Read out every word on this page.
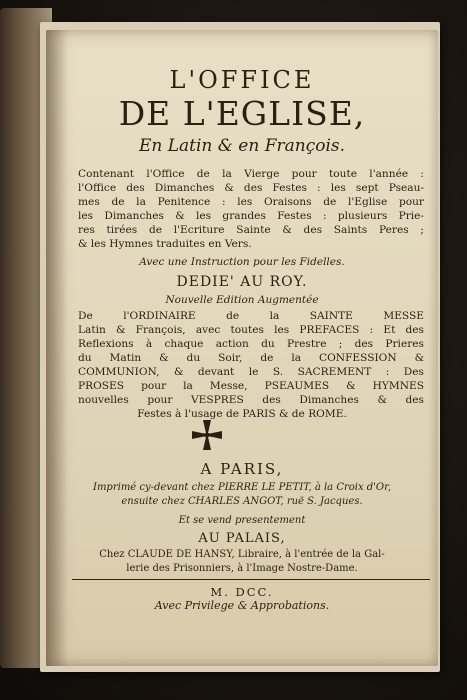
L'OFFICE
DE L'EGLISE,
En Latin & en François.
Contenant l'Office de la Vierge pour toute l'année :
l'Office des Dimanches & des Festes : les sept Pseau-
mes de la Penitence : les Oraisons de l'Eglise pour
les Dimanches & les grandes Festes : plusieurs Prie-
res tirées de l'Ecriture Sainte & des Saints Peres ;
& les Hymnes traduites en Vers.
Avec une Instruction pour les Fidelles.
DEDIE' AU ROY.
Nouvelle Edition Augmentée
De l'ORDINAIRE de la SAINTE MESSE
Latin & François, avec toutes les PREFACES : Et des
Reflexions à chaque action du Prestre ; des Prieres
du Matin & du Soir, de la CONFESSION &
COMMUNION, & devant le S. SACREMENT : Des
PROSES pour la Messe, PSEAUMES & HYMNES
nouvelles pour VESPRES des Dimanches & des
Festes à l'usage de PARIS & de ROME.
A PARIS,
Imprimé cy-devant chez PIERRE LE PETIT, à la Croix d'Or,
ensuite chez CHARLES ANGOT, ruë S. Jacques.
Et se vend presentement
AU PALAIS,
Chez CLAUDE DE HANSY, Libraire, à l'entrée de la Gal-
lerie des Prisonniers, à l'Image Nostre-Dame.
M. DCC.
Avec Privilege & Approbations.
